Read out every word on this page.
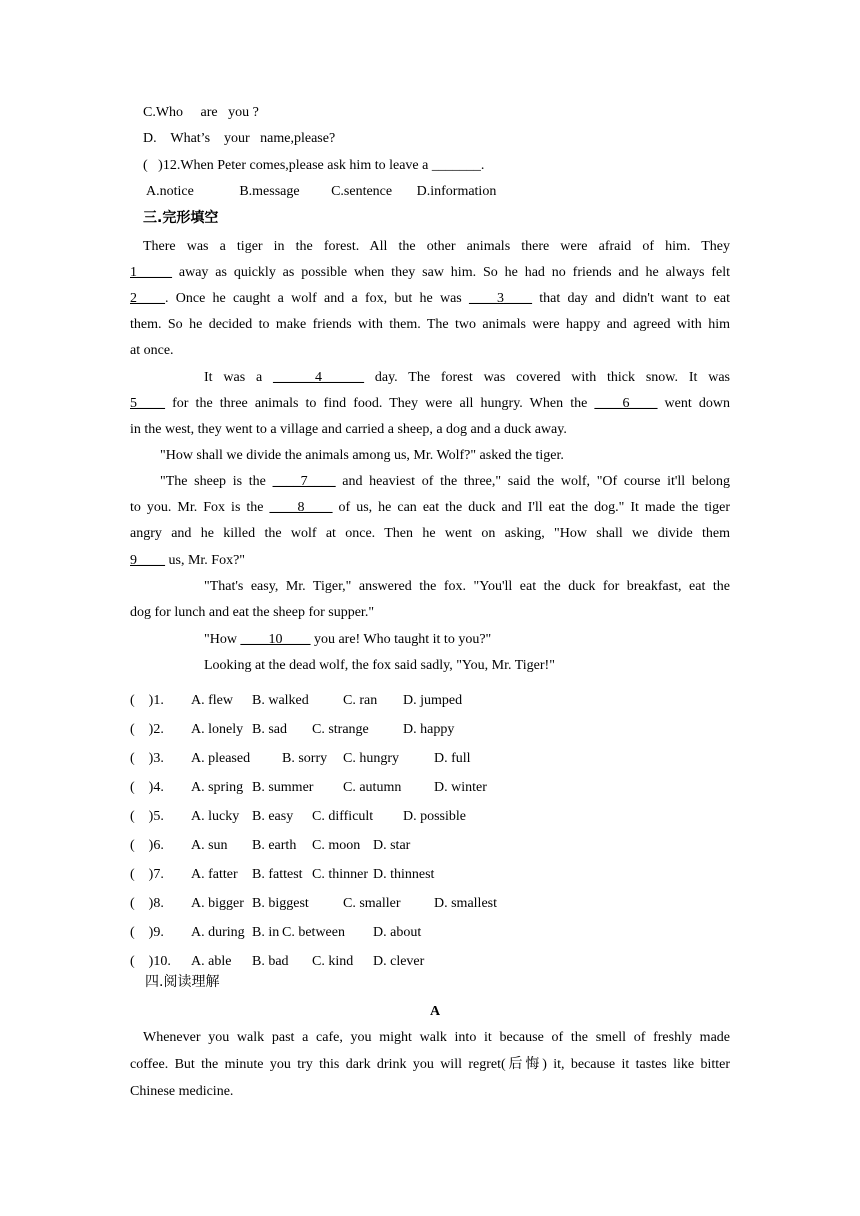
C.Who     are   you ?
D.    What’s    your   name,please?
(   )12.When Peter comes,please ask him to leave a _______.
A.notice             B.message         C.sentence       D.information
三.完形填空
There was a tiger in the forest. All the other animals there were afraid of him. They
1_____ away as quickly as possible when they saw him. So he had no friends and he always felt
2____. Once he caught a wolf and a fox, but he was ____3____ that day and didn't want to eat
them. So he decided to make friends with them. The two animals were happy and agreed with him
at once.
It was a ______4______ day. The forest was covered with thick snow. It was
5____ for the three animals to find food. They were all hungry. When the ____6____ went down
in the west, they went to a village and carried a sheep, a dog and a duck away.
"How shall we divide the animals among us, Mr. Wolf?" asked the tiger.
"The sheep is the ____7____ and heaviest of the three," said the wolf, "Of course it'll belong
to you. Mr. Fox is the ____8____ of us, he can eat the duck and I'll eat the dog." It made the tiger
angry and he killed the wolf at once. Then he went on asking, "How shall we divide them
9____ us, Mr. Fox?"
"That's easy, Mr. Tiger," answered the fox. "You'll eat the duck for breakfast, eat the
dog for lunch and eat the sheep for supper."
"How ____10____ you are! Who taught it to you?"
Looking at the dead wolf, the fox said sadly, "You, Mr. Tiger!"
(    )1. A. flew B. walked C. ran D. jumped
(    )2. A. lonely B. sad C. strange D. happy
(    )3. A. pleased B. sorry C. hungry	D. full
(    )4. A. spring B. summer C. autumn D. winter
(    )5. A. lucky B. easy C. difficult D. possible
(    )6. A. sun B. earth C. moon D. star
(    )7. A. fatter B. fattest C. thinner D. thinnest
(    )8. A. bigger B. biggest C. smaller D. smallest
(    )9. A. during B. in C. between D. about
(    )10. A. able B. bad C. kind D. clever
四.阅读理解
A
Whenever you walk past a cafe, you might walk into it because of the smell of freshly made
coffee. But the minute you try this dark drink you will regret(后悔) it, because it tastes like bitter
Chinese medicine.
